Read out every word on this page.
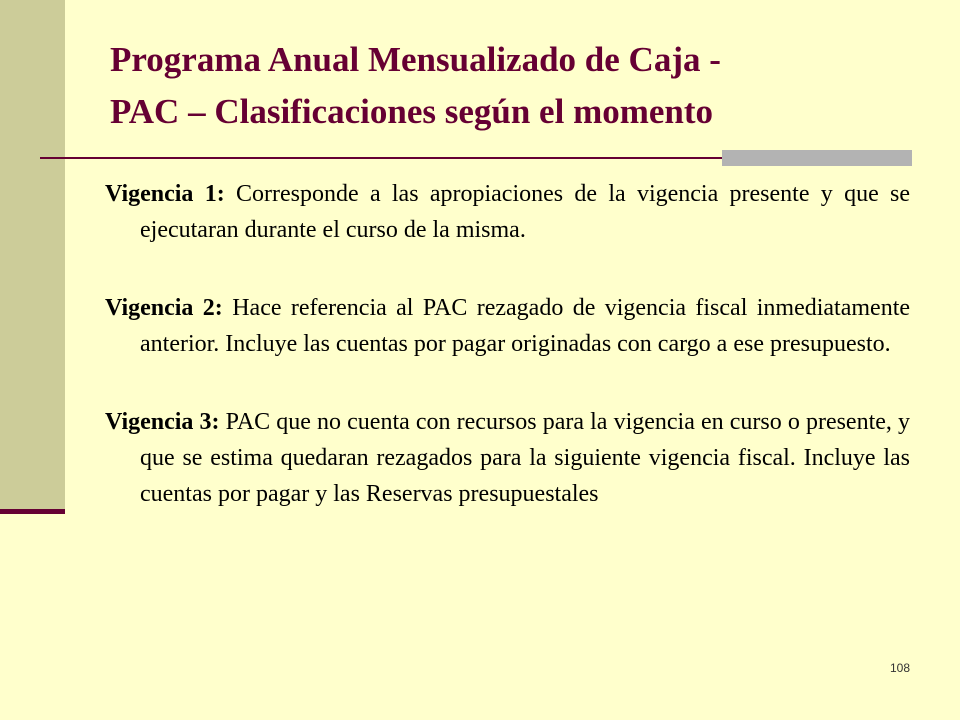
Programa Anual Mensualizado de Caja -
PAC – Clasificaciones según el momento

Vigencia 1: Corresponde a las apropiaciones de la vigencia presente y que se ejecutaran durante el curso de la misma.

Vigencia 2: Hace referencia al PAC rezagado de vigencia fiscal inmediatamente anterior. Incluye las cuentas por pagar originadas con cargo a ese presupuesto.

Vigencia 3: PAC que no cuenta con recursos para la vigencia en curso o presente, y que se estima quedaran rezagados para la siguiente vigencia fiscal. Incluye las cuentas por pagar y las Reservas presupuestales

108
